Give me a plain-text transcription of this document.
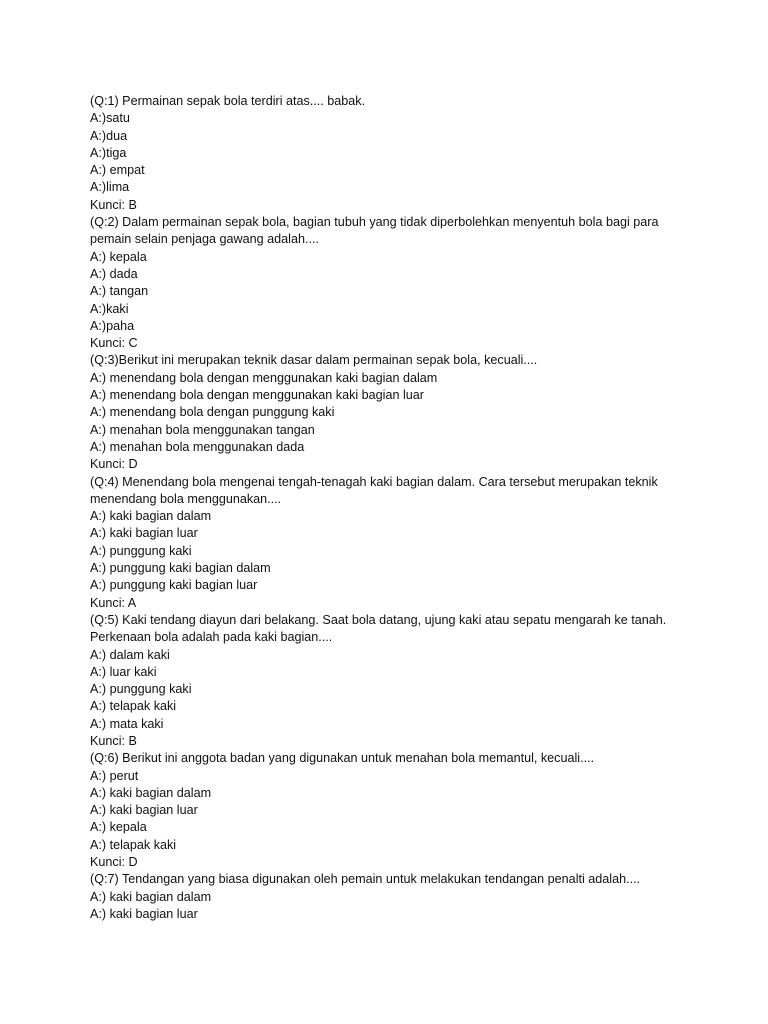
(Q:1) Permainan sepak bola terdiri atas.... babak.
A:)satu
A:)dua
A:)tiga
A:) empat
A:)lima
Kunci: B
(Q:2) Dalam permainan sepak bola, bagian tubuh yang tidak diperbolehkan menyentuh bola bagi para
pemain selain penjaga gawang adalah....
A:) kepala
A:) dada
A:) tangan
A:)kaki
A:)paha
Kunci: C
(Q:3)Berikut ini merupakan teknik dasar dalam permainan sepak bola, kecuali....
A:) menendang bola dengan menggunakan kaki bagian dalam
A:) menendang bola dengan menggunakan kaki bagian luar
A:) menendang bola dengan punggung kaki
A:) menahan bola menggunakan tangan
A:) menahan bola menggunakan dada
Kunci: D
(Q:4) Menendang bola mengenai tengah-tenagah kaki bagian dalam. Cara tersebut merupakan teknik
menendang bola menggunakan....
A:) kaki bagian dalam
A:) kaki bagian luar
A:) punggung kaki
A:) punggung kaki bagian dalam
A:) punggung kaki bagian luar
Kunci: A
(Q:5) Kaki tendang diayun dari belakang. Saat bola datang, ujung kaki atau sepatu mengarah ke tanah.
Perkenaan bola adalah pada kaki bagian....
A:) dalam kaki
A:) luar kaki
A:) punggung kaki
A:) telapak kaki
A:) mata kaki
Kunci: B
(Q:6) Berikut ini anggota badan yang digunakan untuk menahan bola memantul, kecuali....
A:) perut
A:) kaki bagian dalam
A:) kaki bagian luar
A:) kepala
A:) telapak kaki
Kunci: D
(Q:7) Tendangan yang biasa digunakan oleh pemain untuk melakukan tendangan penalti adalah....
A:) kaki bagian dalam
A:) kaki bagian luar
